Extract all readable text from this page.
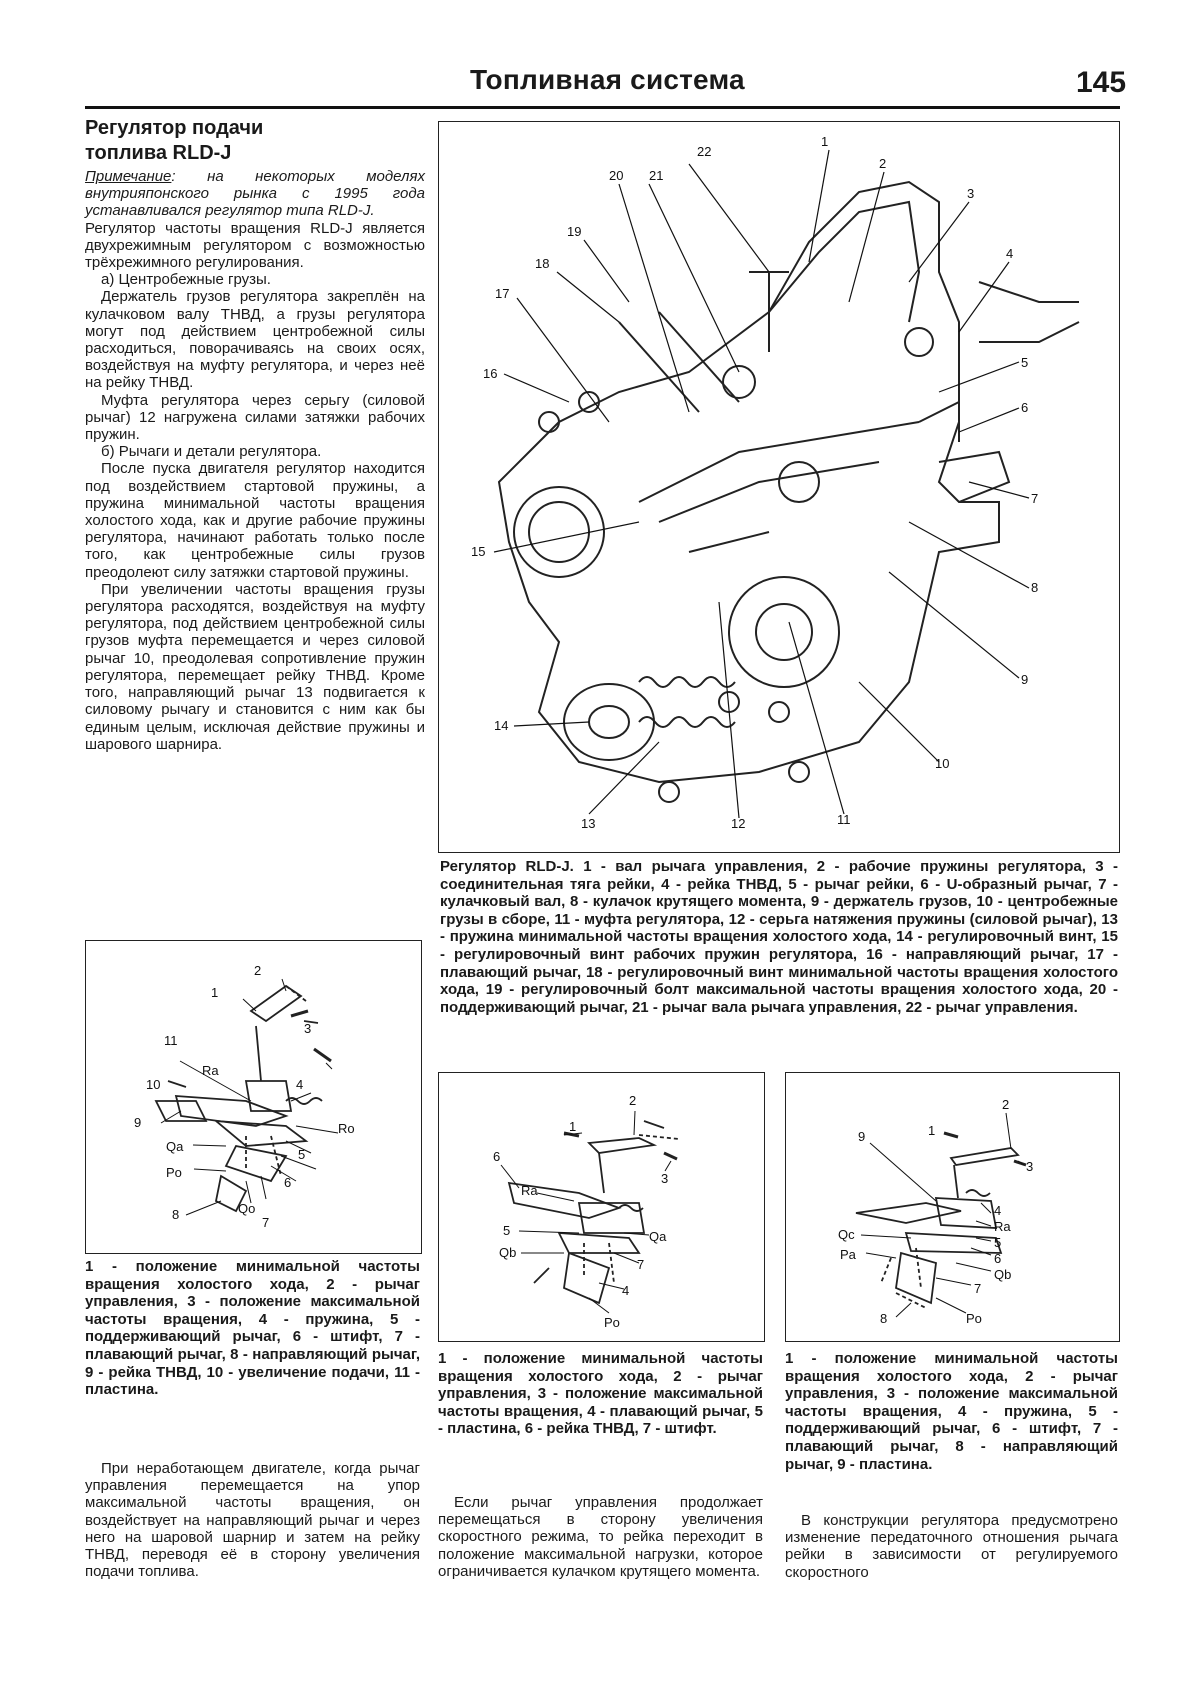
Топливная система	145
Регулятор подачи
топлива RLD-J

Примечание: на некоторых моделях внутрияпонского рынка с 1995 года устанавливался регулятор типа RLD-J.

Регулятор частоты вращения RLD-J является двухрежимным регулятором с возможностью трёхрежимного регулирования.

а) Центробежные грузы.

Держатель грузов регулятора закреплён на кулачковом валу ТНВД, а грузы регулятора могут под действием центробежной силы расходиться, поворачиваясь на своих осях, воздействуя на муфту регулятора, и через неё на рейку ТНВД.

Муфта регулятора через серьгу (силовой рычаг) 12 нагружена силами затяжки рабочих пружин.

б) Рычаги и детали регулятора.

После пуска двигателя регулятор находится под воздействием стартовой пружины, а пружина минимальной частоты вращения холостого хода, как и другие рабочие пружины регулятора, начинают работать только после того, как центробежные силы грузов преодолеют силу затяжки стартовой пружины.

При увеличении частоты вращения грузы регулятора расходятся, воздействуя на муфту регулятора, под действием центробежной силы грузов муфта перемещается и через силовой рычаг 10, преодолевая сопротивление пружин регулятора, перемещает рейку ТНВД. Кроме того, направляющий рычаг 13 подвигается к силовому рычагу и становится с ним как бы единым целым, исключая действие пружины и шарового шарнира.

1
2
3
4
5
6
7
8
9
10
11
12
13
14
15
16
17
18
19
20 21
22
Регулятор RLD-J. 1 - вал рычага управления, 2 - рабочие пружины регулятора, 3 - соединительная тяга рейки, 4 - рейка ТНВД, 5 - рычаг рейки, 6 - U-образный рычаг, 7 - кулачковый вал, 8 - кулачок крутящего момента, 9 - держатель грузов, 10 - центробежные грузы в сборе, 11 - муфта регулятора, 12 - серьга натяжения пружины (силовой рычаг), 13 - пружина минимальной частоты вращения холостого хода, 14 - регулировочный винт, 15 - регулировочный винт рабочих пружин регулятора, 16 - направляющий рычаг, 17 - плавающий рычаг, 18 - регулировочный винт минимальной частоты вращения холостого хода, 19 - регулировочный болт максимальной частоты вращения холостого хода, 20 - поддерживающий рычаг, 21 - рычаг вала рычага управления, 22 - рычаг управления.
1
2
3
4
11
10
9
Ra
Ro
Qa
5
Po
6
Qo
8
7
1 - положение минимальной частоты вращения холостого хода, 2 - рычаг управления, 3 - положение максимальной частоты вращения, 4 - пружина, 5 - поддерживающий рычаг, 6 - штифт, 7 - плавающий рычаг, 8 - направляющий рычаг, 9 - рейка ТНВД, 10 - увеличение подачи, 11 - пластина.

При неработающем двигателе, когда рычаг управления перемещается на упор максимальной частоты вращения, он воздействует на направляющий рычаг и через него на шаровой шарнир и затем на рейку ТНВД, переводя её в сторону увеличения подачи топлива.

1
2
3
6
Ra
5	Qa
Qb
7
4
Po
1 - положение минимальной частоты вращения холостого хода, 2 - рычаг управления, 3 - положение максимальной частоты вращения, 4 - плавающий рычаг, 5 - пластина, 6 - рейка ТНВД, 7 - штифт.

Если рычаг управления продолжает перемещаться в сторону увеличения скоростного режима, то рейка переходит в положение максимальной нагрузки, которое ограничивается кулачком крутящего момента.

1
2
3
9
4
Ra
Qc
5
Pa	6
Qb
7
8	Po
1 - положение минимальной частоты вращения холостого хода, 2 - рычаг управления, 3 - положение максимальной частоты вращения, 4 - пружина, 5 - поддерживающий рычаг, 6 - штифт, 7 - плавающий рычаг, 8 - направляющий рычаг, 9 - пластина.

В конструкции регулятора предусмотрено изменение передаточного отношения рычага рейки в зависимости от регулируемого скоростного
